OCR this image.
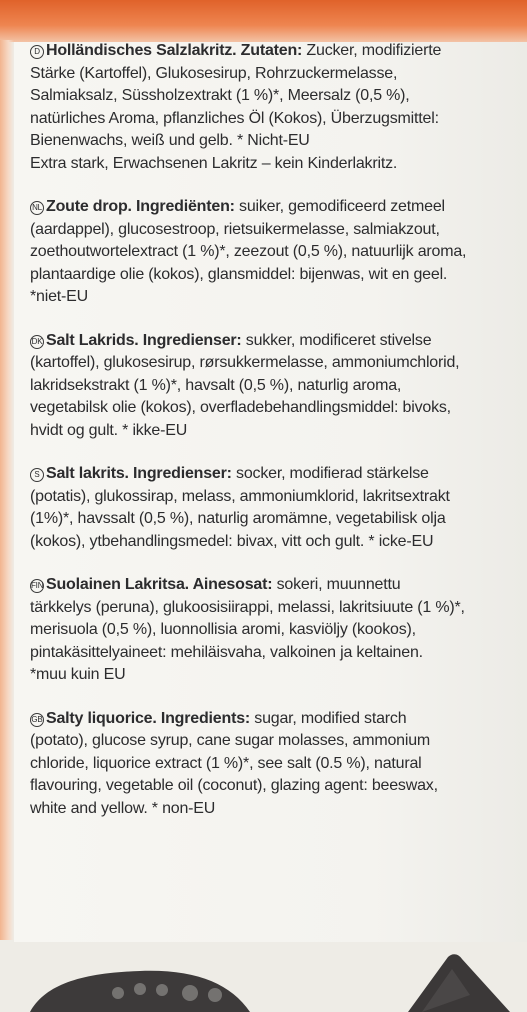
D Holländisches Salzlakritz. Zutaten: Zucker, modifizierte
Stärke (Kartoffel), Glukosesirup, Rohrzuckermelasse,
Salmiaksalz, Süssholzextrakt (1 %)*, Meersalz (0,5 %),
natürliches Aroma, pflanzliches Öl (Kokos), Überzugsmittel:
Bienenwachs, weiß und gelb. * Nicht-EU
Extra stark, Erwachsenen Lakritz – kein Kinderlakritz.
NL Zoute drop. Ingrediënten: suiker, gemodificeerd zetmeel
(aardappel), glucosestroop, rietsuikermelasse, salmiakzout,
zoethoutwortelextract (1 %)*, zeezout (0,5 %), natuurlijk aroma,
plantaardige olie (kokos), glansmiddel: bijenwas, wit en geel.
*niet-EU
DK Salt Lakrids. Ingredienser: sukker, modificeret stivelse
(kartoffel), glukosesirup, rørsukkermelasse, ammoniumchlorid,
lakridsekstrakt (1 %)*, havsalt (0,5 %), naturlig aroma,
vegetabilsk olie (kokos), overfladebehandlingsmiddel: bivoks,
hvidt og gult. * ikke-EU
S Salt lakrits. Ingredienser: socker, modifierad stärkelse
(potatis), glukossirap, melass, ammoniumklorid, lakritsextrakt
(1%)*, havssalt (0,5 %), naturlig aromämne, vegetabilisk olja
(kokos), ytbehandlingsmedel: bivax, vitt och gult. * icke-EU
FIN Suolainen Lakritsa. Ainesosat: sokeri, muunnettu
tärkkelys (peruna), glukoosisiirappi, melassi, lakritsiuute (1 %)*,
merisuola (0,5 %), luonnollisia aromi, kasviöljy (kookos),
pintakäsittelyaineet: mehiläisvaha, valkoinen ja keltainen.
*muu kuin EU
GB Salty liquorice. Ingredients: sugar, modified starch
(potato), glucose syrup, cane sugar molasses, ammonium
chloride, liquorice extract (1 %)*, see salt (0.5 %), natural
flavouring, vegetable oil (coconut), glazing agent: beeswax,
white and yellow. * non-EU
